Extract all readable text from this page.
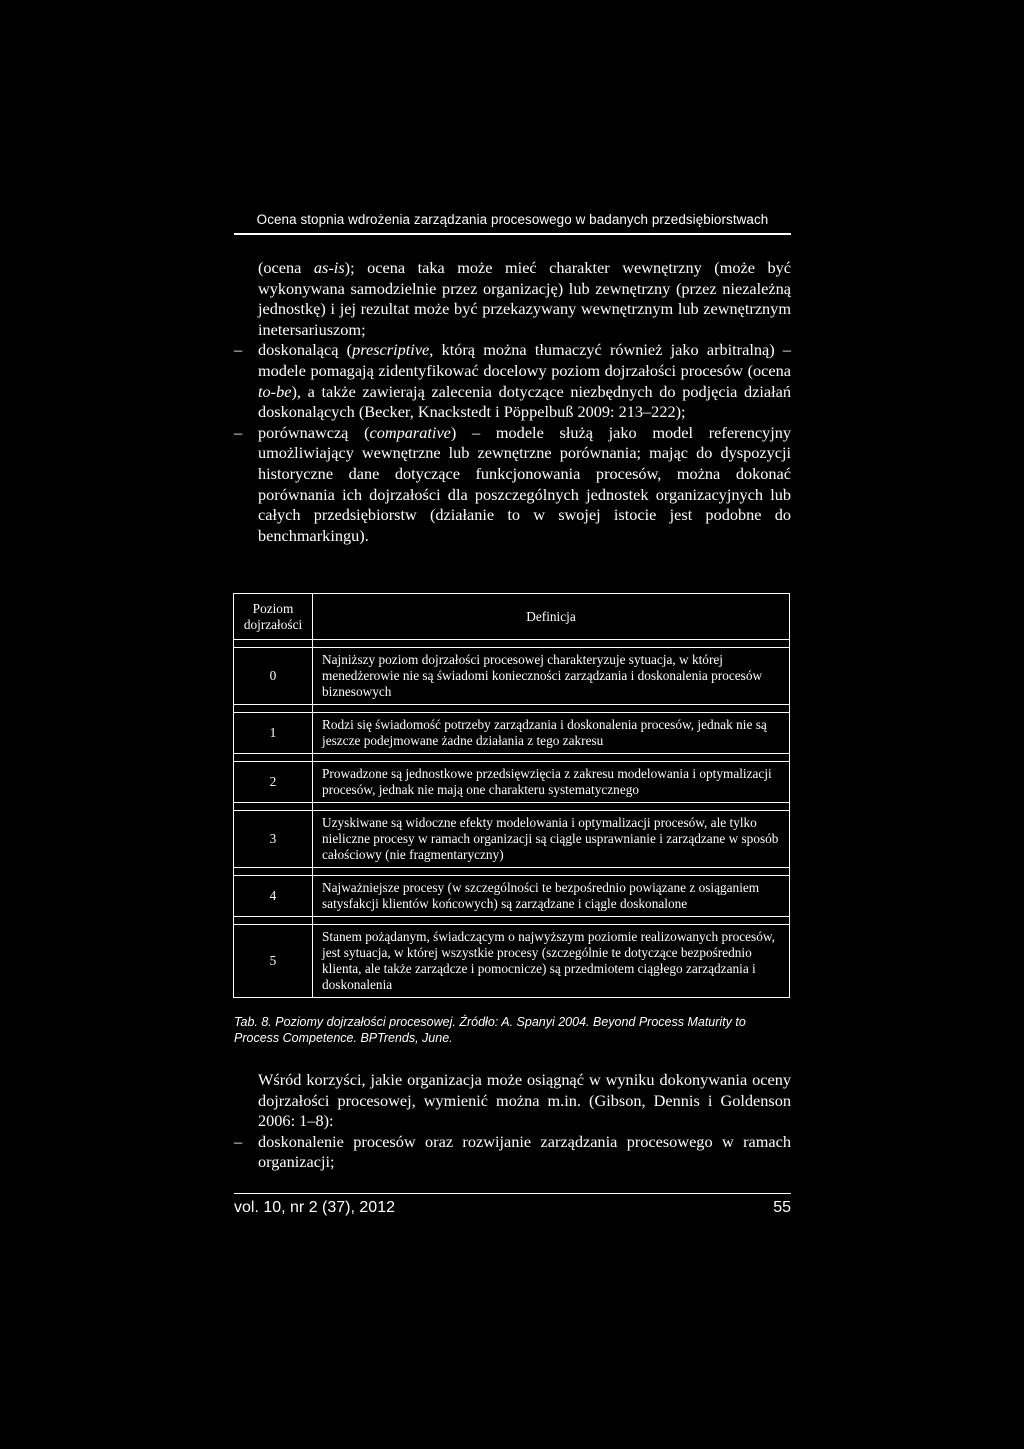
Ocena stopnia wdrożenia zarządzania procesowego w badanych przedsiębiorstwach

(ocena as-is); ocena taka może mieć charakter wewnętrzny (może być wykonywana samodzielnie przez organizację) lub zewnętrzny (przez niezależną jednostkę) i jej rezultat może być przekazywany wewnętrznym lub zewnętrznym inetersariuszom;

– doskonalącą (prescriptive, którą można tłumaczyć również jako arbitralną) – modele pomagają zidentyfikować docelowy poziom dojrzałości procesów (ocena to-be), a także zawierają zalecenia dotyczące niezbędnych do podjęcia działań doskonalących (Becker, Knackstedt i Pöppelbuß 2009: 213–222);
– porównawczą (comparative) – modele służą jako model referencyjny umożliwiający wewnętrzne lub zewnętrzne porównania; mając do dyspozycji historyczne dane dotyczące funkcjonowania procesów, można dokonać porównania ich dojrzałości dla poszczególnych jednostek organizacyjnych lub całych przedsiębiorstw (działanie to w swojej istocie jest podobne do benchmarkingu).
Poziom dojrzałości	Definicja

0	Najniższy poziom dojrzałości procesowej charakteryzuje sytuacja, w której menedżerowie nie są świadomi konieczności zarządzania i doskonalenia procesów biznesowych

1	Rodzi się świadomość potrzeby zarządzania i doskonalenia procesów, jednak nie są jeszcze podejmowane żadne działania z tego zakresu

2	Prowadzone są jednostkowe przedsięwzięcia z zakresu modelowania i optymalizacji procesów, jednak nie mają one charakteru systematycznego

3	Uzyskiwane są widoczne efekty modelowania i optymalizacji procesów, ale tylko nieliczne procesy w ramach organizacji są ciągle usprawnianie i zarządzane w sposób całościowy (nie fragmentaryczny)

4	Najważniejsze procesy (w szczególności te bezpośrednio powiązane z osiąganiem satysfakcji klientów końcowych) są zarządzane i ciągle doskonalone

5	Stanem pożądanym, świadczącym o najwyższym poziomie realizowanych procesów, jest sytuacja, w której wszystkie procesy (szczególnie te dotyczące bezpośrednio klienta, ale także zarządcze i pomocnicze) są przedmiotem ciągłego zarządzania i doskonalenia
Tab. 8. Poziomy dojrzałości procesowej. Źródło: A. Spanyi 2004. Beyond Process Maturity to Process Competence. BPTrends, June.

Wśród korzyści, jakie organizacja może osiągnąć w wyniku dokonywania oceny dojrzałości procesowej, wymienić można m.in. (Gibson, Dennis i Goldenson 2006: 1–8):

– doskonalenie procesów oraz rozwijanie zarządzania procesowego w ramach organizacji;
vol. 10, nr 2 (37), 2012	55
